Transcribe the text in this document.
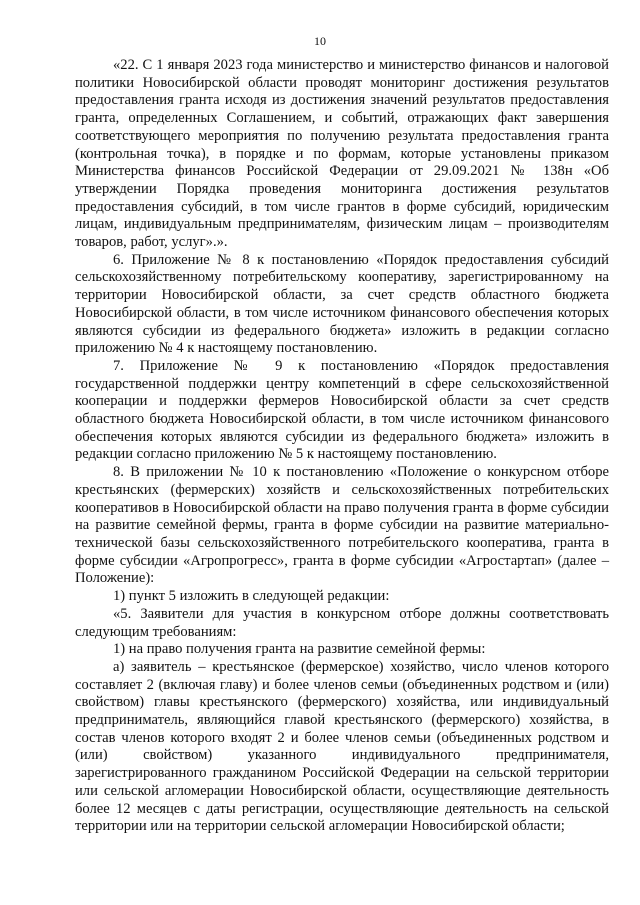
10

«22. С 1 января 2023 года министерство и министерство финансов и налоговой политики Новосибирской области проводят мониторинг достижения результатов предоставления гранта исходя из достижения значений результатов предоставления гранта, определенных Соглашением, и событий, отражающих факт завершения соответствующего мероприятия по получению результата предоставления гранта (контрольная точка), в порядке и по формам, которые установлены приказом Министерства финансов Российской Федерации от 29.09.2021 № 138н «Об утверждении Порядка проведения мониторинга достижения результатов предоставления субсидий, в том числе грантов в форме субсидий, юридическим лицам, индивидуальным предпринимателям, физическим лицам – производителям товаров, работ, услуг».».

6. Приложение № 8 к постановлению «Порядок предоставления субсидий сельскохозяйственному потребительскому кооперативу, зарегистрированному на территории Новосибирской области, за счет средств областного бюджета Новосибирской области, в том числе источником финансового обеспечения которых являются субсидии из федерального бюджета» изложить в редакции согласно приложению № 4 к настоящему постановлению.

7. Приложение № 9 к постановлению «Порядок предоставления государственной поддержки центру компетенций в сфере сельскохозяйственной кооперации и поддержки фермеров Новосибирской области за счет средств областного бюджета Новосибирской области, в том числе источником финансового обеспечения которых являются субсидии из федерального бюджета» изложить в редакции согласно приложению № 5 к настоящему постановлению.

8. В приложении № 10 к постановлению «Положение о конкурсном отборе крестьянских (фермерских) хозяйств и сельскохозяйственных потребительских кооперативов в Новосибирской области на право получения гранта в форме субсидии на развитие семейной фермы, гранта в форме субсидии на развитие материально-технической базы сельскохозяйственного потребительского кооператива, гранта в форме субсидии «Агропрогресс», гранта в форме субсидии «Агростартап» (далее – Положение):

1) пункт 5 изложить в следующей редакции:

«5. Заявители для участия в конкурсном отборе должны соответствовать следующим требованиям:

1) на право получения гранта на развитие семейной фермы:

а) заявитель – крестьянское (фермерское) хозяйство, число членов которого составляет 2 (включая главу) и более членов семьи (объединенных родством и (или) свойством) главы крестьянского (фермерского) хозяйства, или индивидуальный предприниматель, являющийся главой крестьянского (фермерского) хозяйства, в состав членов которого входят 2 и более членов семьи (объединенных родством и (или) свойством) указанного индивидуального предпринимателя, зарегистрированного гражданином Российской Федерации на сельской территории или сельской агломерации Новосибирской области, осуществляющие деятельность более 12 месяцев с даты регистрации, осуществляющие деятельность на сельской территории или на территории сельской агломерации Новосибирской области;
